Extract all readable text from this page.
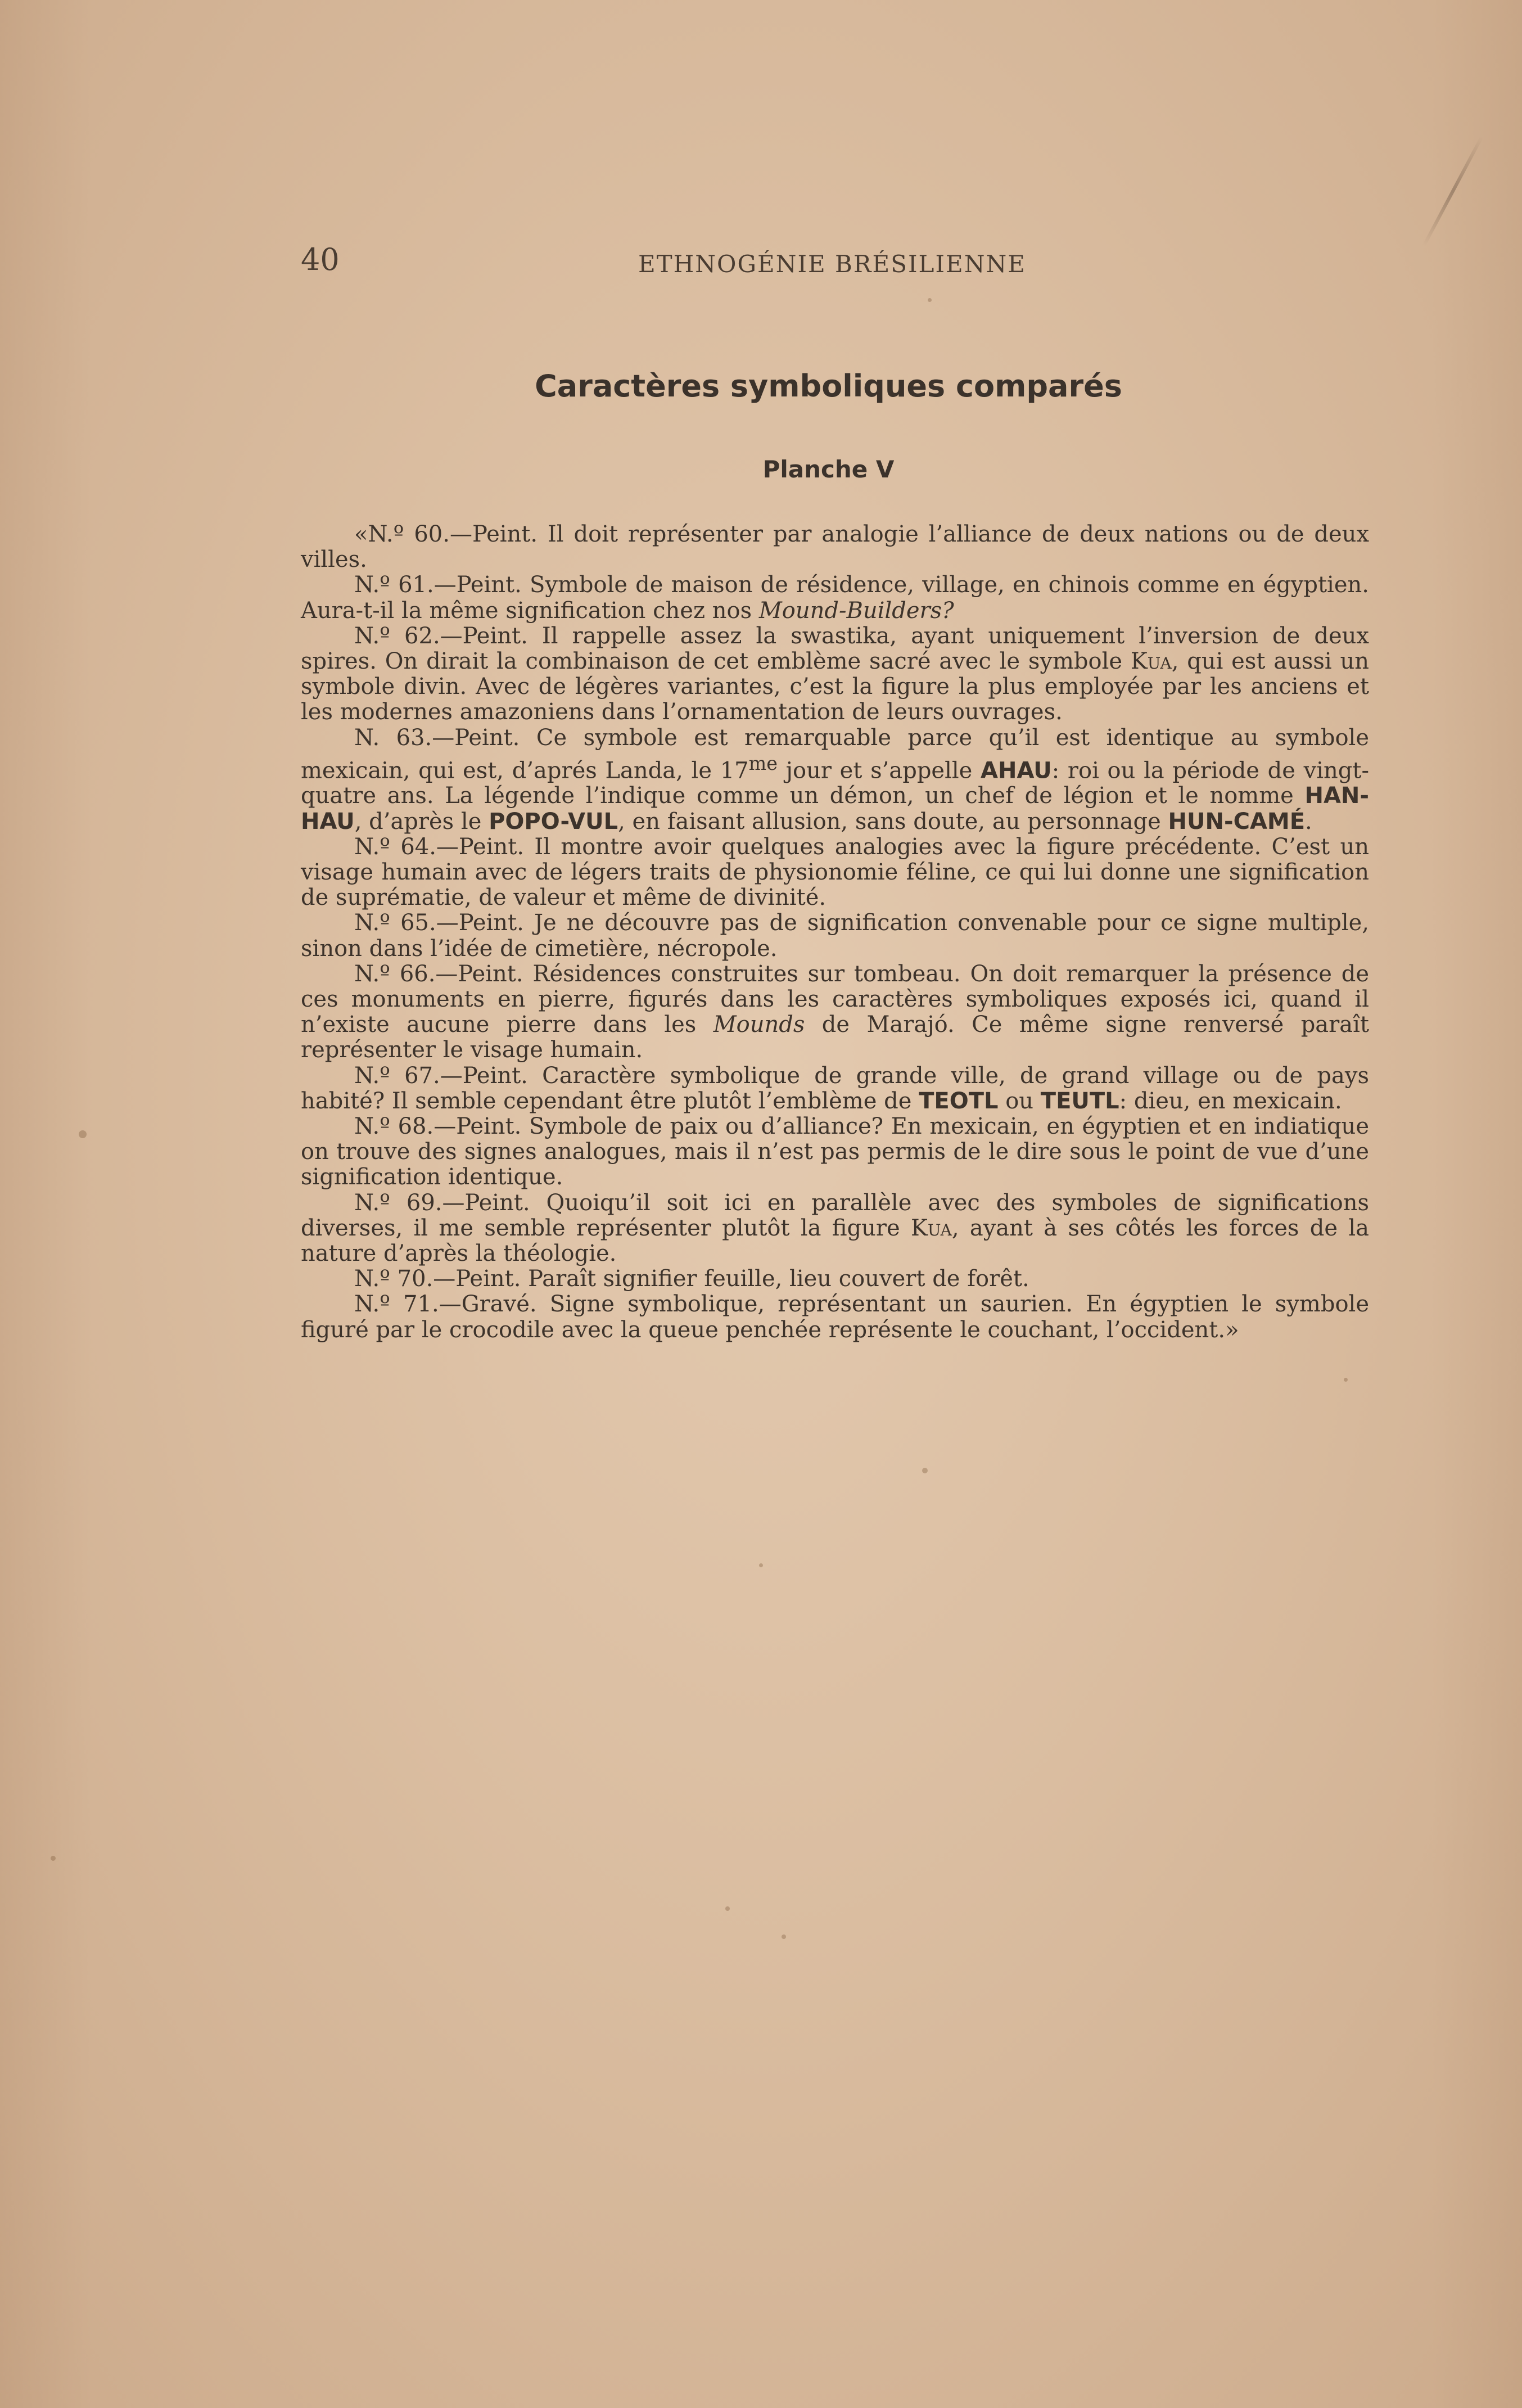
40	ETHNOGÉNIE BRÉSILIENNE
Caractères symboliques comparés
Planche V

«N.º 60.—Peint. Il doit représenter par analogie l’alliance de deux nations ou de deux villes.

N.º 61.—Peint. Symbole de maison de résidence, village, en chinois comme en égyptien. Aura-t-il la même signification chez nos Mound-Builders?

N.º 62.—Peint. Il rappelle assez la swastika, ayant uniquement l’inversion de deux spires. On dirait la combinaison de cet emblème sacré avec le symbole Kua, qui est aussi un symbole divin. Avec de légères variantes, c’est la figure la plus employée par les anciens et les modernes amazoniens dans l’ornamentation de leurs ouvrages.

N. 63.—Peint. Ce symbole est remarquable parce qu’il est identique au symbole mexicain, qui est, d’aprés Landa, le $17^{me}$ jour et s’appelle AHAU: roi ou la période de vingt-quatre ans. La légende l’indique comme un démon, un chef de légion et le nomme HAN-HAU, d’après le POPO-VUL, en faisant allusion, sans doute, au personnage HUN-CAMÉ.

N.º 64.—Peint. Il montre avoir quelques analogies avec la figure précédente. C’est un visage humain avec de légers traits de physionomie féline, ce qui lui donne une signification de suprématie, de valeur et même de divinité.

N.º 65.—Peint. Je ne découvre pas de signification convenable pour ce signe multiple, sinon dans l’idée de cimetière, nécropole.

N.º 66.—Peint. Résidences construites sur tombeau. On doit remarquer la présence de ces monuments en pierre, figurés dans les caractères symboliques exposés ici, quand il n’existe aucune pierre dans les Mounds de Marajó. Ce même signe renversé paraît représenter le visage humain.

N.º 67.—Peint. Caractère symbolique de grande ville, de grand village ou de pays habité? Il semble cependant être plutôt l’emblème de TEOTL ou TEUTL: dieu, en mexicain.

N.º 68.—Peint. Symbole de paix ou d’alliance? En mexicain, en égyptien et en indiatique on trouve des signes analogues, mais il n’est pas permis de le dire sous le point de vue d’une signification identique.

N.º 69.—Peint. Quoiqu’il soit ici en parallèle avec des symboles de significations diverses, il me semble représenter plutôt la figure Kua, ayant à ses côtés les forces de la nature d’après la théologie.

N.º 70.—Peint. Paraît signifier feuille, lieu couvert de forêt.

N.º 71.—Gravé. Signe symbolique, représentant un saurien. En égyptien le symbole figuré par le crocodile avec la queue penchée représente le couchant, l’occident.»
